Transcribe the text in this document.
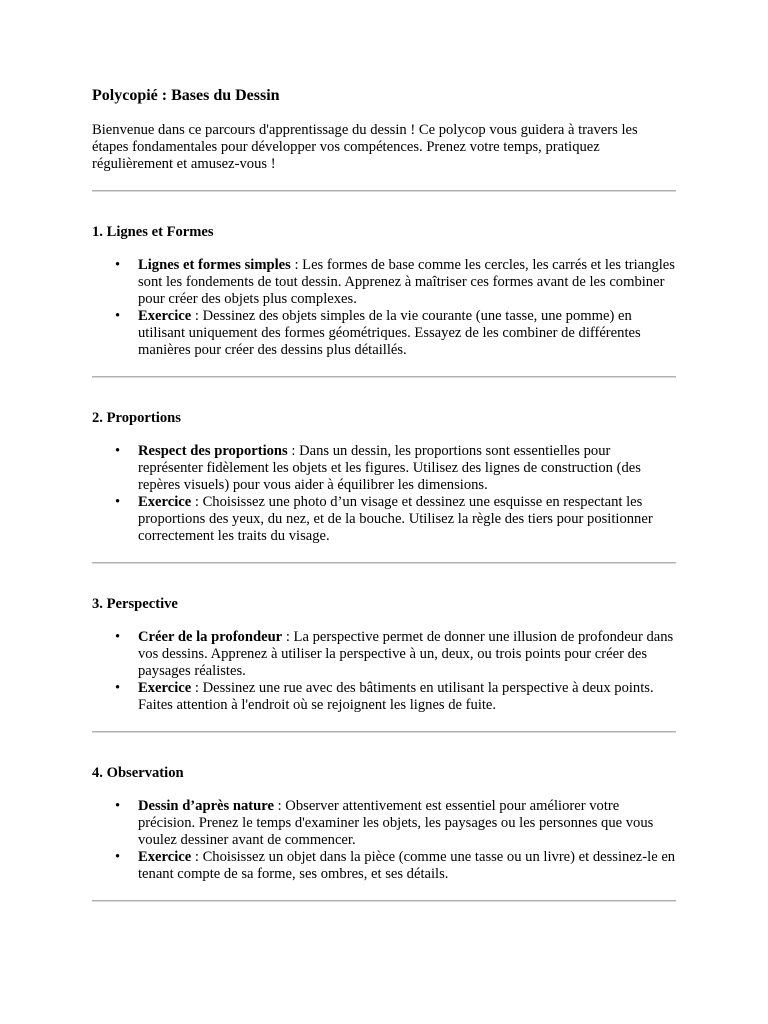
Polycopié : Bases du Dessin

Bienvenue dans ce parcours d'apprentissage du dessin ! Ce polycop vous guidera à travers les étapes fondamentales pour développer vos compétences. Prenez votre temps, pratiquez régulièrement et amusez-vous !

1. Lignes et Formes
• Lignes et formes simples : Les formes de base comme les cercles, les carrés et les triangles sont les fondements de tout dessin. Apprenez à maîtriser ces formes avant de les combiner pour créer des objets plus complexes.
• Exercice : Dessinez des objets simples de la vie courante (une tasse, une pomme) en utilisant uniquement des formes géométriques. Essayez de les combiner de différentes manières pour créer des dessins plus détaillés.
2. Proportions
• Respect des proportions : Dans un dessin, les proportions sont essentielles pour représenter fidèlement les objets et les figures. Utilisez des lignes de construction (des repères visuels) pour vous aider à équilibrer les dimensions.
• Exercice : Choisissez une photo d’un visage et dessinez une esquisse en respectant les proportions des yeux, du nez, et de la bouche. Utilisez la règle des tiers pour positionner correctement les traits du visage.
3. Perspective
• Créer de la profondeur : La perspective permet de donner une illusion de profondeur dans vos dessins. Apprenez à utiliser la perspective à un, deux, ou trois points pour créer des paysages réalistes.
• Exercice : Dessinez une rue avec des bâtiments en utilisant la perspective à deux points. Faites attention à l'endroit où se rejoignent les lignes de fuite.
4. Observation
• Dessin d’après nature : Observer attentivement est essentiel pour améliorer votre précision. Prenez le temps d'examiner les objets, les paysages ou les personnes que vous voulez dessiner avant de commencer.
• Exercice : Choisissez un objet dans la pièce (comme une tasse ou un livre) et dessinez-le en tenant compte de sa forme, ses ombres, et ses détails.
